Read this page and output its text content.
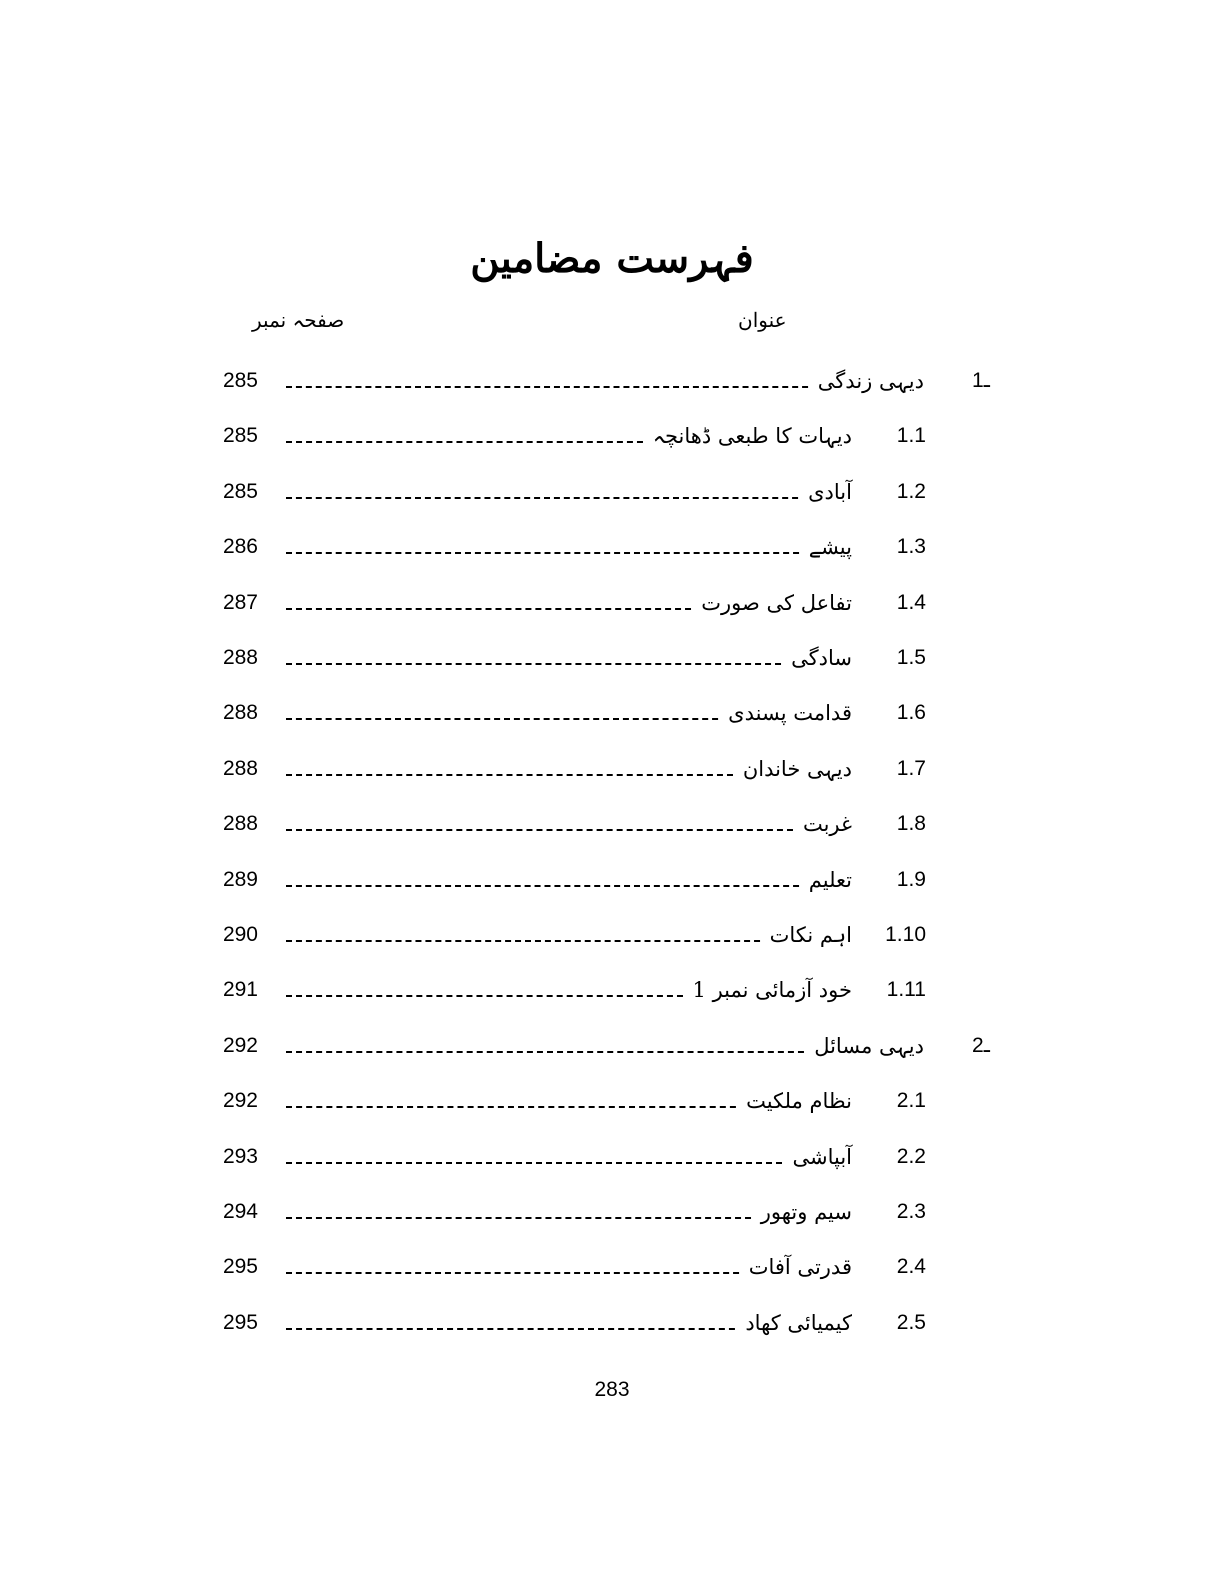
فہرست مضامین
صفحہ نمبر	عنوان
285	دیہی زندگی 1ـ
285	دیہات کا طبعی ڈھانچہ	1.1
285	آبادی	1.2
286	پیشے	1.3
287	تفاعل کی صورت	1.4
288	سادگی	1.5
288	قدامت پسندی	1.6
288	دیہی خاندان	1.7
288	غربت	1.8
289	تعلیم	1.9
290	اہم نکات	1.10
291	خود آزمائی نمبر 1	1.11
292	دیہی مسائل 2ـ
292	نظام ملکیت	2.1
293	آبپاشی	2.2
294	سیم وتھور	2.3
295	قدرتی آفات	2.4
295	کیمیائی کھاد	2.5
283
